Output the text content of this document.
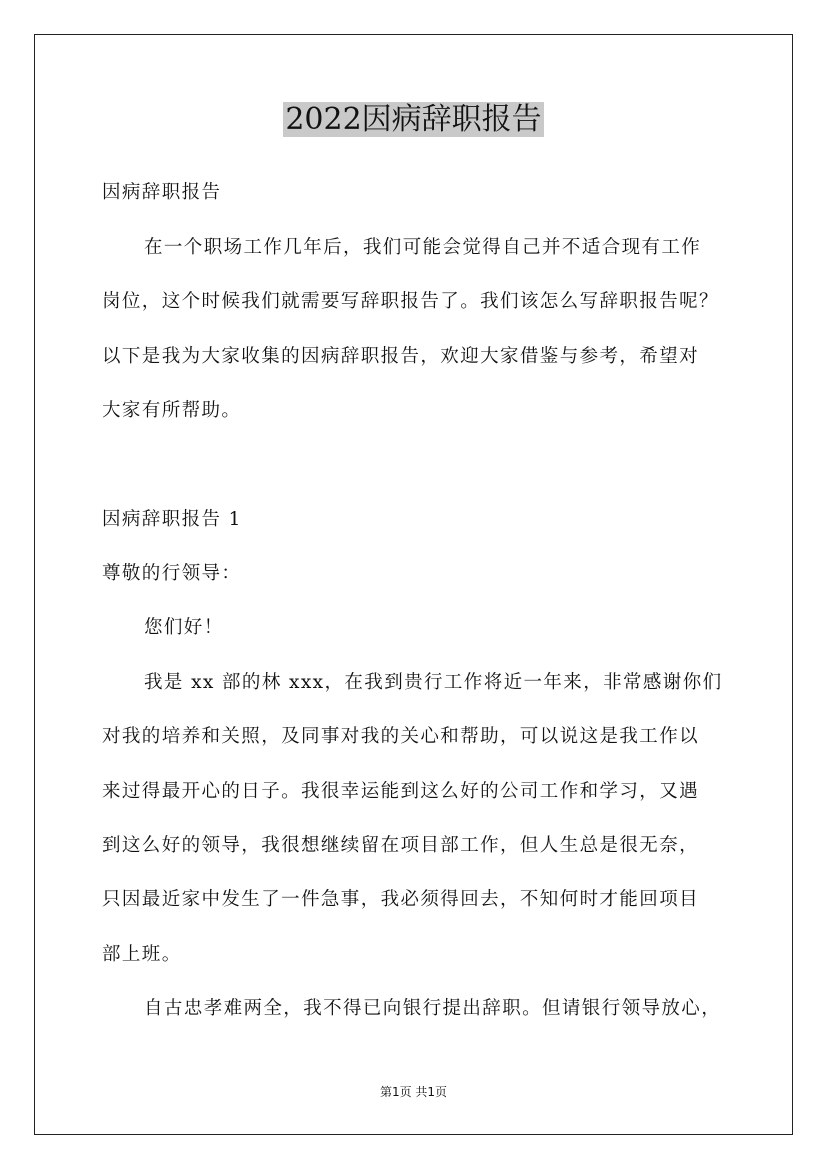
2022因病辞职报告
因病辞职报告
在一个职场工作几年后，我们可能会觉得自己并不适合现有工作
岗位，这个时候我们就需要写辞职报告了。我们该怎么写辞职报告呢？
以下是我为大家收集的因病辞职报告，欢迎大家借鉴与参考，希望对
大家有所帮助。
因病辞职报告 1
尊敬的行领导：
您们好！
我是 xx 部的林 xxx，在我到贵行工作将近一年来，非常感谢你们
对我的培养和关照，及同事对我的关心和帮助，可以说这是我工作以
来过得最开心的日子。我很幸运能到这么好的公司工作和学习，又遇
到这么好的领导，我很想继续留在项目部工作，但人生总是很无奈，
只因最近家中发生了一件急事，我必须得回去，不知何时才能回项目
部上班。
自古忠孝难两全，我不得已向银行提出辞职。但请银行领导放心，
第1页 共1页
